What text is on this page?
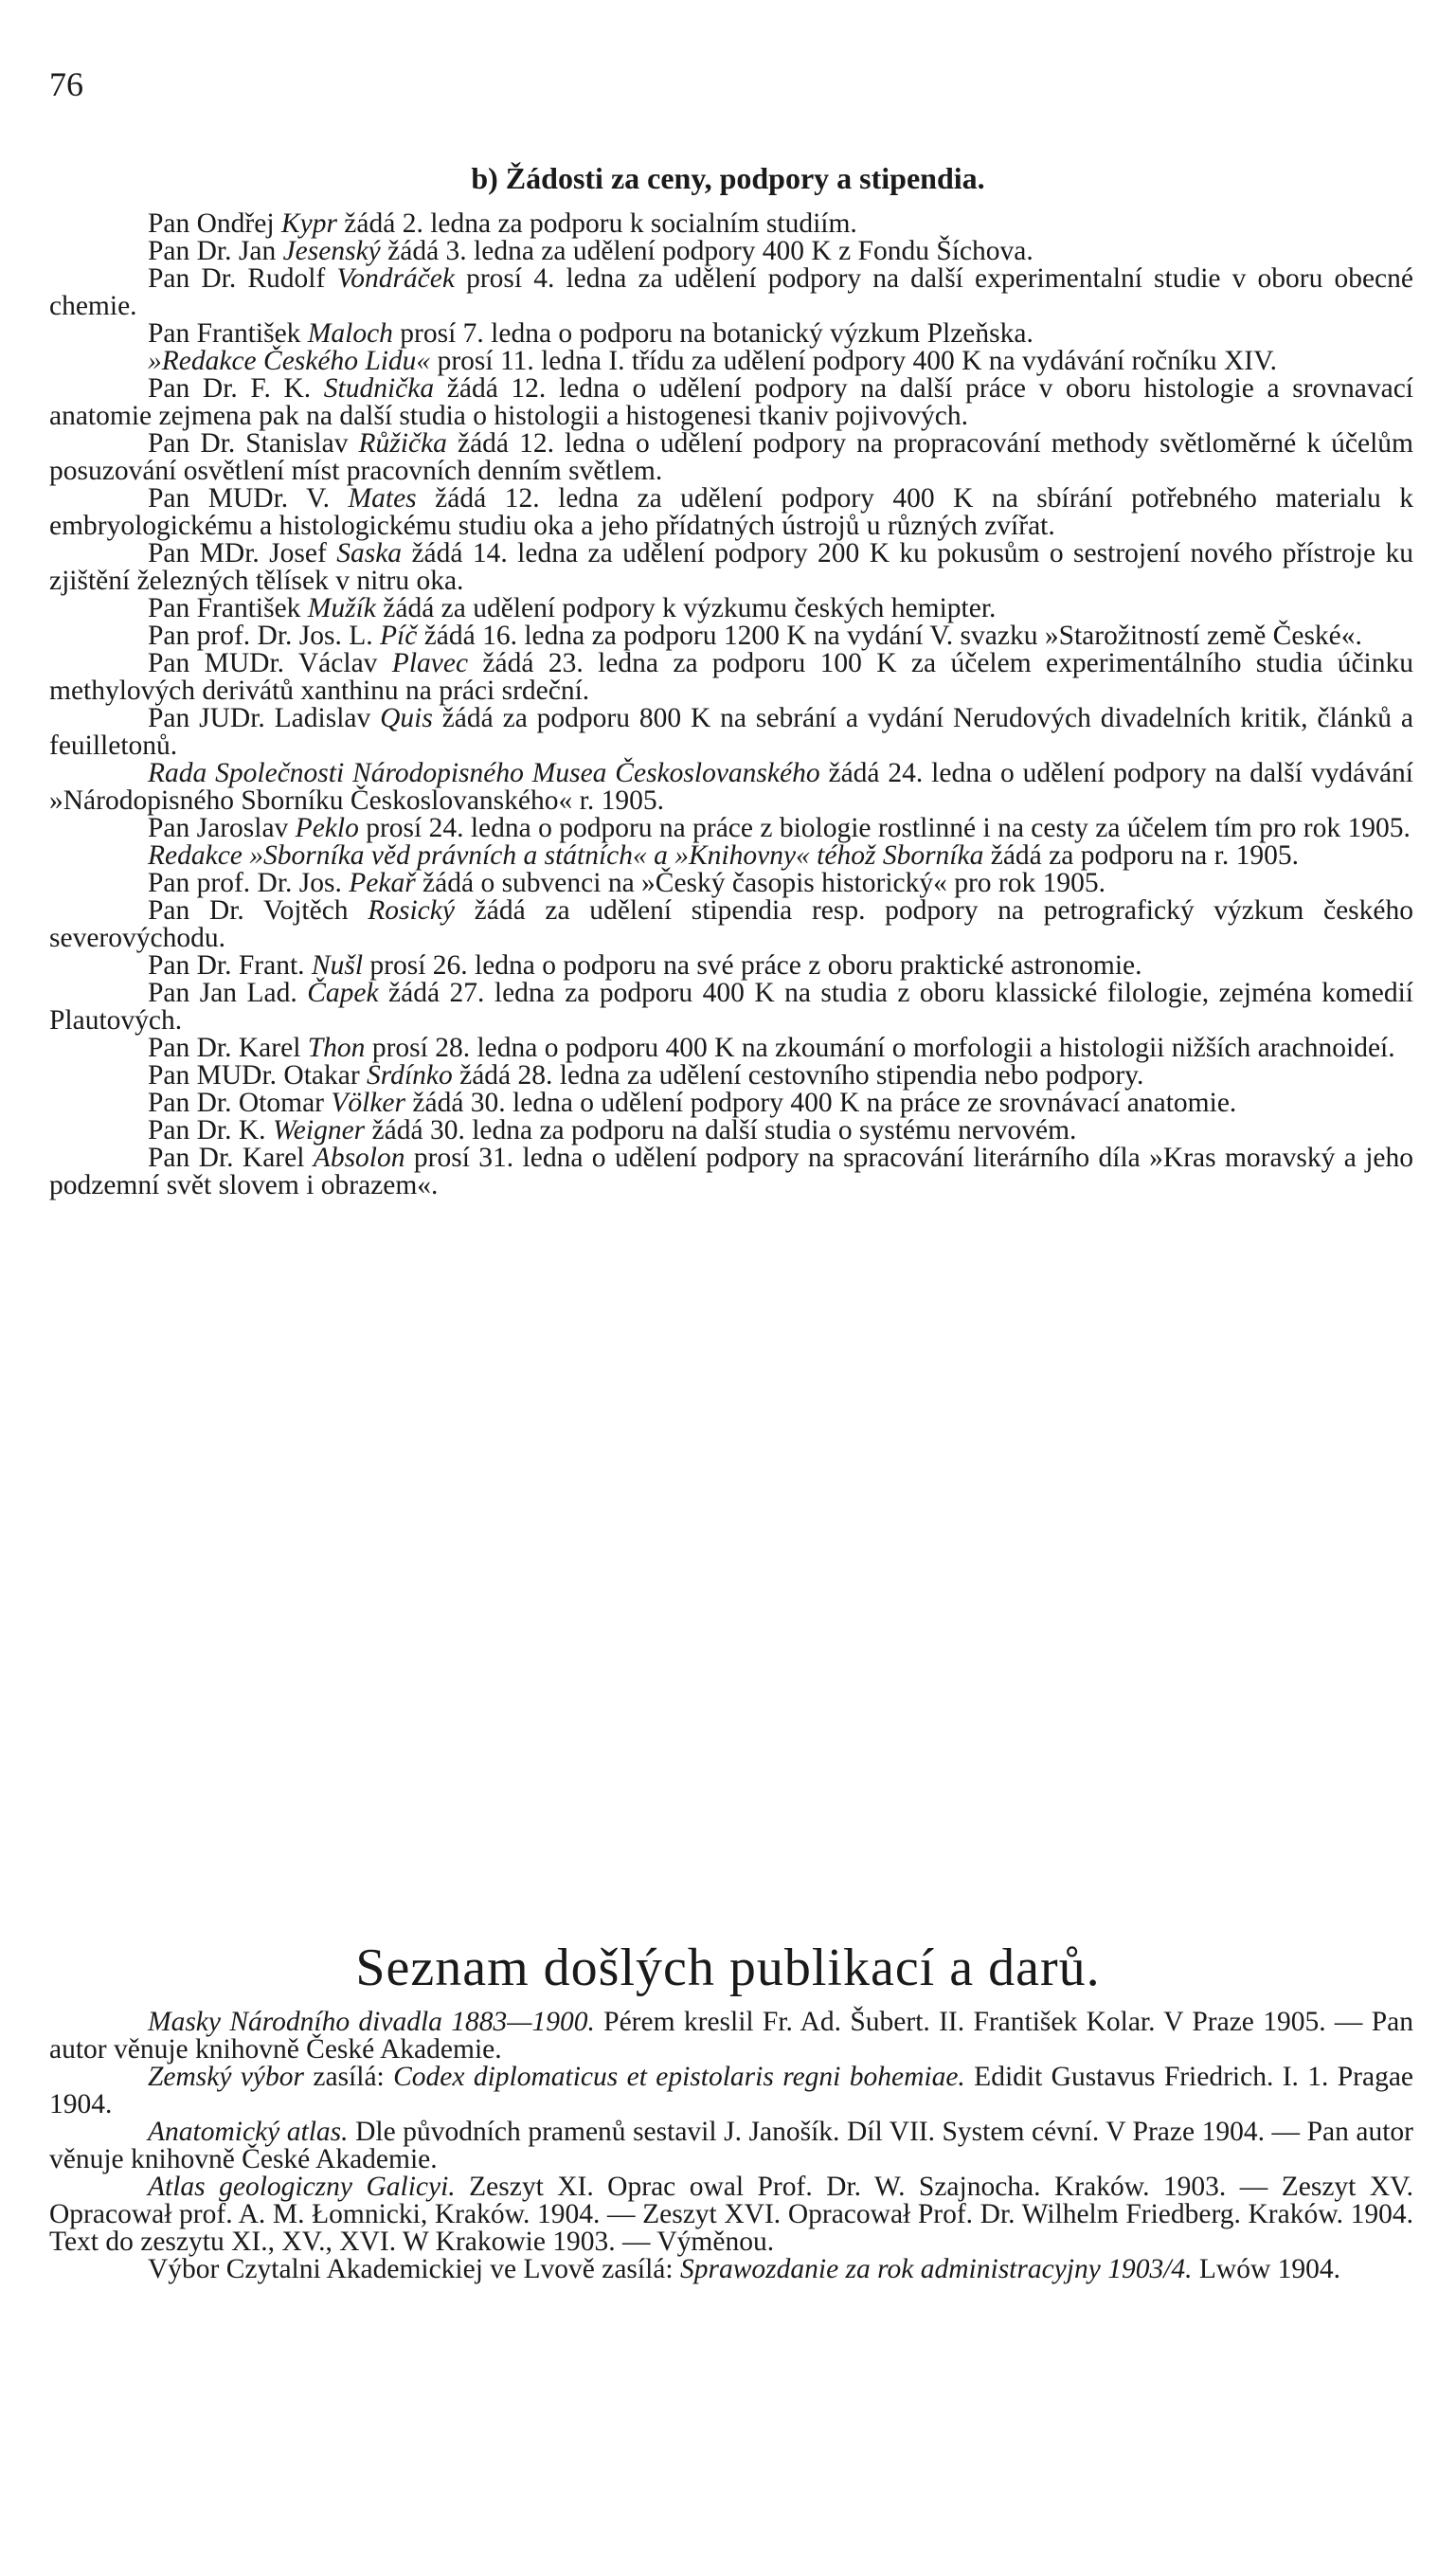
76
b) Žádosti za ceny, podpory a stipendia.

Pan Ondřej Kypr žádá 2. ledna za podporu k socialním studiím.

Pan Dr. Jan Jesenský žádá 3. ledna za udělení podpory 400 K z Fondu Šíchova.

Pan Dr. Rudolf Vondráček prosí 4. ledna za udělení podpory na další experimentalní studie v oboru obecné chemie.

Pan František Maloch prosí 7. ledna o podporu na botanický výzkum Plzeňska.

»Redakce Českého Lidu« prosí 11. ledna I. třídu za udělení podpory 400 K na vydávání ročníku XIV.

Pan Dr. F. K. Studnička žádá 12. ledna o udělení podpory na další práce v oboru histologie a srovnavací anatomie zejmena pak na další studia o histologii a histogenesi tkaniv pojivových.

Pan Dr. Stanislav Růžička žádá 12. ledna o udělení podpory na propracování methody světloměrné k účelům posuzování osvětlení míst pracovních denním světlem.

Pan MUDr. V. Mates žádá 12. ledna za udělení podpory 400 K na sbírání potřebného materialu k embryologickému a histologickému studiu oka a jeho přídatných ústrojů u různých zvířat.

Pan MDr. Josef Saska žádá 14. ledna za udělení podpory 200 K ku pokusům o sestrojení nového přístroje ku zjištění železných tělísek v nitru oka.

Pan František Mužík žádá za udělení podpory k výzkumu českých hemipter.

Pan prof. Dr. Jos. L. Píč žádá 16. ledna za podporu 1200 K na vydání V. svazku »Starožitností země České«.

Pan MUDr. Václav Plavec žádá 23. ledna za podporu 100 K za účelem experimentálního studia účinku methylových derivátů xanthinu na práci srdeční.

Pan JUDr. Ladislav Quis žádá za podporu 800 K na sebrání a vydání Nerudových divadelních kritik, článků a feuilletonů.

Rada Společnosti Národopisného Musea Českoslovanského žádá 24. ledna o udělení podpory na další vydávání »Národopisného Sborníku Českoslovanského« r. 1905.

Pan Jaroslav Peklo prosí 24. ledna o podporu na práce z biologie rostlinné i na cesty za účelem tím pro rok 1905.

Redakce »Sborníka věd právních a státních« a »Knihovny« téhož Sborníka žádá za podporu na r. 1905.

Pan prof. Dr. Jos. Pekař žádá o subvenci na »Český časopis historický« pro rok 1905.

Pan Dr. Vojtěch Rosický žádá za udělení stipendia resp. podpory na petrografický výzkum českého severovýchodu.

Pan Dr. Frant. Nušl prosí 26. ledna o podporu na své práce z oboru praktické astronomie.

Pan Jan Lad. Čapek žádá 27. ledna za podporu 400 K na studia z oboru klassické filologie, zejména komedií Plautových.

Pan Dr. Karel Thon prosí 28. ledna o podporu 400 K na zkoumání o morfologii a histologii nižších arachnoideí.

Pan MUDr. Otakar Srdínko žádá 28. ledna za udělení cestovního stipendia nebo podpory.

Pan Dr. Otomar Völker žádá 30. ledna o udělení podpory 400 K na práce ze srovnávací anatomie.

Pan Dr. K. Weigner žádá 30. ledna za podporu na další studia o systému nervovém.

Pan Dr. Karel Absolon prosí 31. ledna o udělení podpory na spracování literárního díla »Kras moravský a jeho podzemní svět slovem i obrazem«.

Seznam došlých publikací a darů.

Masky Národního divadla 1883—1900. Pérem kreslil Fr. Ad. Šubert. II. František Kolar. V Praze 1905. — Pan autor věnuje knihovně České Akademie.

Zemský výbor zasílá: Codex diplomaticus et epistolaris regni bohemiae. Edidit Gustavus Friedrich. I. 1. Pragae 1904.

Anatomický atlas. Dle původních pramenů sestavil J. Janošík. Díl VII. System cévní. V Praze 1904. — Pan autor věnuje knihovně České Akademie.

Atlas geologiczny Galicyi. Zeszyt XI. Oprac owal Prof. Dr. W. Szajnocha. Kraków. 1903. — Zeszyt XV. Opracował prof. A. M. Łomnicki, Kraków. 1904. — Zeszyt XVI. Opracował Prof. Dr. Wilhelm Friedberg. Kraków. 1904. Text do zeszytu XI., XV., XVI. W Krakowie 1903. — Výměnou.

Výbor Czytalni Akademickiej ve Lvově zasílá: Sprawozdanie za rok administracyjny 1903/4. Lwów 1904.
